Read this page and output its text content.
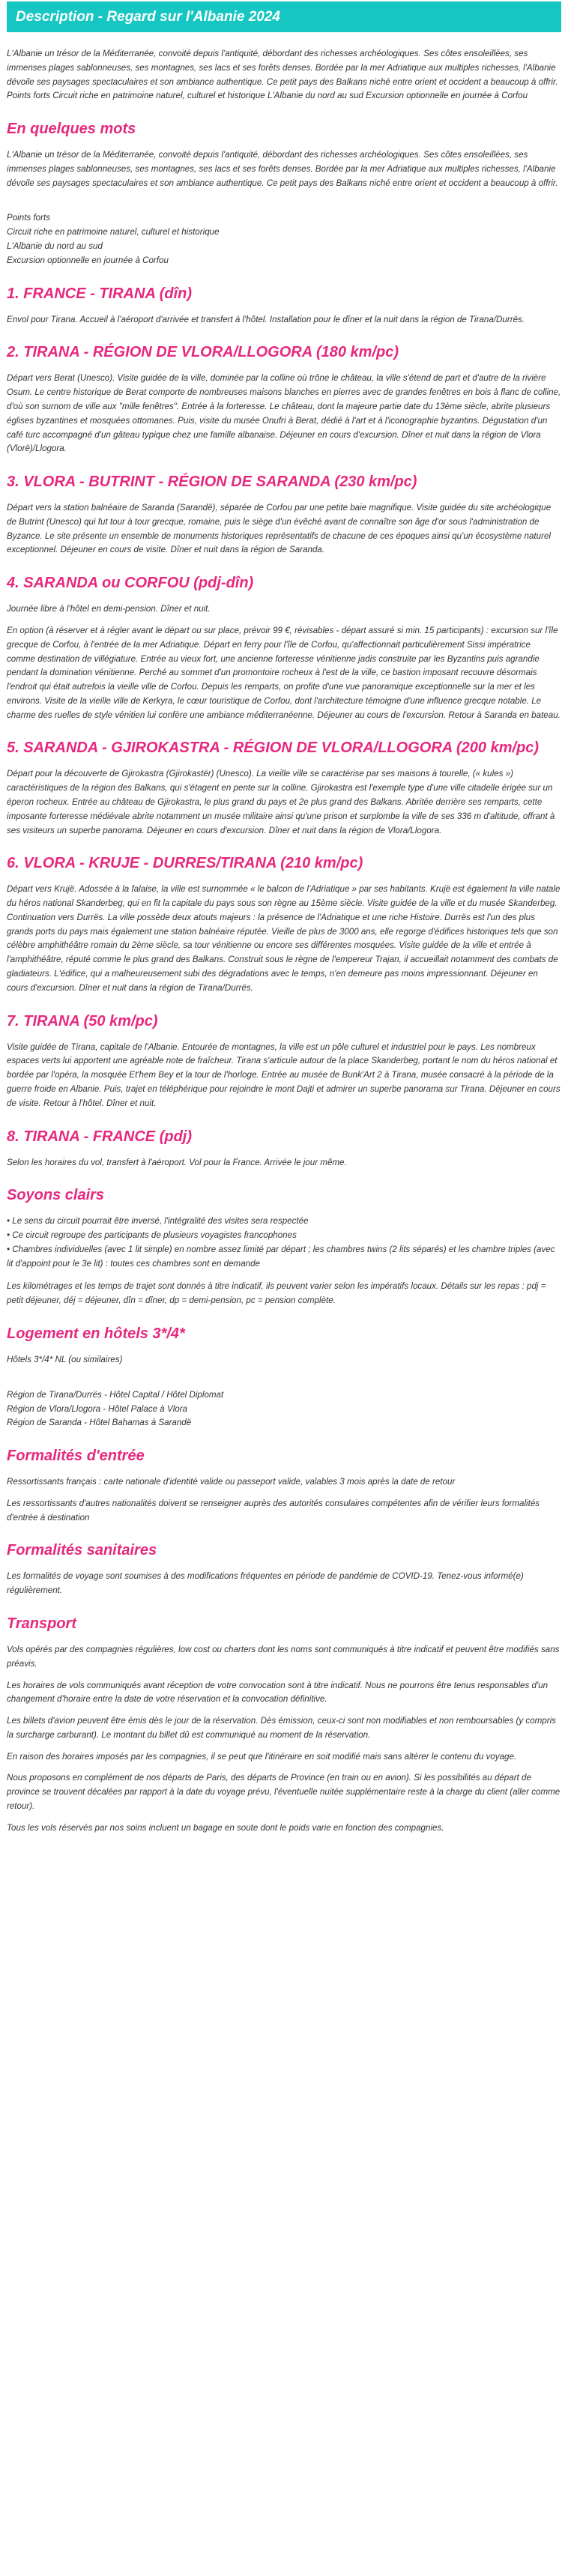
Description - Regard sur l'Albanie 2024

L'Albanie un trésor de la Méditerranée, convoité depuis l'antiquité, débordant des richesses archéologiques. Ses côtes ensoleillées, ses immenses plages sablonneuses, ses montagnes, ses lacs et ses forêts denses. Bordée par la mer Adriatique aux multiples richesses, l'Albanie dévoile ses paysages spectaculaires et son ambiance authentique. Ce petit pays des Balkans niché entre orient et occident a beaucoup à offrir. Points forts Circuit riche en patrimoine naturel, culturel et historique L'Albanie du nord au sud Excursion optionnelle en journée à Corfou

En quelques mots

L'Albanie un trésor de la Méditerranée, convoité depuis l'antiquité, débordant des richesses archéologiques. Ses côtes ensoleillées, ses immenses plages sablonneuses, ses montagnes, ses lacs et ses forêts denses. Bordée par la mer Adriatique aux multiples richesses, l'Albanie dévoile ses paysages spectaculaires et son ambiance authentique. Ce petit pays des Balkans niché entre orient et occident a beaucoup à offrir.

Points forts
Circuit riche en patrimoine naturel, culturel et historique
L'Albanie du nord au sud
Excursion optionnelle en journée à Corfou
1. FRANCE - TIRANA (dîn)

Envol pour Tirana. Accueil à l'aéroport d'arrivée et transfert à l'hôtel. Installation pour le dîner et la nuit dans la région de Tirana/Durrës.

2. TIRANA - RÉGION DE VLORA/LLOGORA (180 km/pc)

Départ vers Berat (Unesco). Visite guidée de la ville, dominée par la colline où trône le château, la ville s'étend de part et d'autre de la rivière Osum. Le centre historique de Berat comporte de nombreuses maisons blanches en pierres avec de grandes fenêtres en bois à flanc de colline, d'où son surnom de ville aux "mille fenêtres". Entrée à la forteresse. Le château, dont la majeure partie date du 13ème siècle, abrite plusieurs églises byzantines et mosquées ottomanes. Puis, visite du musée Onufri à Berat, dédié à l'art et à l'iconographie byzantins. Dégustation d'un café turc accompagné d'un gâteau typique chez une famille albanaise. Déjeuner en cours d'excursion. Dîner et nuit dans la région de Vlora (Vlorë)/Llogora.

3. VLORA - BUTRINT - RÉGION DE SARANDA (230 km/pc)

Départ vers la station balnéaire de Saranda (Sarandë), séparée de Corfou par une petite baie magnifique. Visite guidée du site archéologique de Butrint (Unesco) qui fut tour à tour grecque, romaine, puis le siège d'un évêché avant de connaître son âge d'or sous l'administration de Byzance. Le site présente un ensemble de monuments historiques représentatifs de chacune de ces époques ainsi qu'un écosystème naturel exceptionnel. Déjeuner en cours de visite. Dîner et nuit dans la région de Saranda.

4. SARANDA ou CORFOU (pdj-dîn)

Journée libre à l'hôtel en demi-pension. Dîner et nuit.

En option (à réserver et à régler avant le départ ou sur place, prévoir 99 €, révisables - départ assuré si min. 15 participants) : excursion sur l'île grecque de Corfou, à l'entrée de la mer Adriatique. Départ en ferry pour l'île de Corfou, qu'affectionnait particulièrement Sissi impératrice comme destination de villégiature. Entrée au vieux fort, une ancienne forteresse vénitienne jadis construite par les Byzantins puis agrandie pendant la domination vénitienne. Perché au sommet d'un promontoire rocheux à l'est de la ville, ce bastion imposant recouvre désormais l'endroit qui était autrefois la vieille ville de Corfou. Depuis les remparts, on profite d'une vue panoramique exceptionnelle sur la mer et les environs. Visite de la vieille ville de Kerkyra, le cœur touristique de Corfou, dont l'architecture témoigne d'une influence grecque notable. Le charme des ruelles de style vénitien lui confère une ambiance méditerranéenne. Déjeuner au cours de l'excursion. Retour à Saranda en bateau.

5. SARANDA - GJIROKASTRA - RÉGION DE VLORA/LLOGORA (200 km/pc)

Départ pour la découverte de Gjirokastra (Gjirokastër) (Unesco). La vieille ville se caractérise par ses maisons à tourelle, (« kules ») caractéristiques de la région des Balkans, qui s'étagent en pente sur la colline. Gjirokastra est l'exemple type d'une ville citadelle érigée sur un éperon rocheux. Entrée au château de Gjirokastra, le plus grand du pays et 2e plus grand des Balkans. Abritée derrière ses remparts, cette imposante forteresse médiévale abrite notamment un musée militaire ainsi qu'une prison et surplombe la ville de ses 336 m d'altitude, offrant à ses visiteurs un superbe panorama. Déjeuner en cours d'excursion. Dîner et nuit dans la région de Vlora/Llogora.

6. VLORA - KRUJE - DURRES/TIRANA (210 km/pc)

Départ vers Krujë. Adossée à la falaise, la ville est surnommée « le balcon de l'Adriatique » par ses habitants. Krujë est également la ville natale du héros national Skanderbeg, qui en fit la capitale du pays sous son règne au 15ème siècle. Visite guidée de la ville et du musée Skanderbeg. Continuation vers Durrës. La ville possède deux atouts majeurs : la présence de l'Adriatique et une riche Histoire. Durrës est l'un des plus grands ports du pays mais également une station balnéaire réputée. Vieille de plus de 3000 ans, elle regorge d'édifices historiques tels que son célèbre amphithéâtre romain du 2ème siècle, sa tour vénitienne ou encore ses différentes mosquées. Visite guidée de la ville et entrée à l'amphithéâtre, réputé comme le plus grand des Balkans. Construit sous le règne de l'empereur Trajan, il accueillait notamment des combats de gladiateurs. L'édifice, qui a malheureusement subi des dégradations avec le temps, n'en demeure pas moins impressionnant. Déjeuner en cours d'excursion. Dîner et nuit dans la région de Tirana/Durrës.

7. TIRANA (50 km/pc)

Visite guidée de Tirana, capitale de l'Albanie. Entourée de montagnes, la ville est un pôle culturel et industriel pour le pays. Les nombreux espaces verts lui apportent une agréable note de fraîcheur. Tirana s'articule autour de la place Skanderbeg, portant le nom du héros national et bordée par l'opéra, la mosquée Et'hem Bey et la tour de l'horloge. Entrée au musée de Bunk'Art 2 à Tirana, musée consacré à la période de la guerre froide en Albanie. Puis, trajet en téléphérique pour rejoindre le mont Dajti et admirer un superbe panorama sur Tirana. Déjeuner en cours de visite. Retour à l'hôtel. Dîner et nuit.

8. TIRANA - FRANCE (pdj)

Selon les horaires du vol, transfert à l'aéroport. Vol pour la France. Arrivée le jour même.

Soyons clairs
• Le sens du circuit pourrait être inversé, l'intégralité des visites sera respectée
• Ce circuit regroupe des participants de plusieurs voyagistes francophones
• Chambres individuelles (avec 1 lit simple) en nombre assez limité par départ ; les chambres twins (2 lits séparés) et les chambre triples (avec lit d'appoint pour le 3e lit) : toutes ces chambres sont en demande

Les kilométrages et les temps de trajet sont donnés à titre indicatif, ils peuvent varier selon les impératifs locaux. Détails sur les repas : pdj = petit déjeuner, déj = déjeuner, dîn = dîner, dp = demi-pension, pc = pension complète.

Logement en hôtels 3*/4*

Hôtels 3*/4* NL (ou similaires)

Région de Tirana/Durrës - Hôtel Capital / Hôtel Diplomat
Région de Vlora/Llogora - Hôtel Palace à Vlora
Région de Saranda - Hôtel Bahamas à Sarandë
Formalités d'entrée

Ressortissants français : carte nationale d'identité valide ou passeport valide, valables 3 mois après la date de retour

Les ressortissants d'autres nationalités doivent se renseigner auprès des autorités consulaires compétentes afin de vérifier leurs formalités d'entrée à destination

Formalités sanitaires

Les formalités de voyage sont soumises à des modifications fréquentes en période de pandémie de COVID-19. Tenez-vous informé(e) régulièrement.

Transport

Vols opérés par des compagnies régulières, low cost ou charters dont les noms sont communiqués à titre indicatif et peuvent être modifiés sans préavis.

Les horaires de vols communiqués avant réception de votre convocation sont à titre indicatif. Nous ne pourrons être tenus responsables d'un changement d'horaire entre la date de votre réservation et la convocation définitive.

Les billets d'avion peuvent être émis dès le jour de la réservation. Dès émission, ceux-ci sont non modifiables et non remboursables (y compris la surcharge carburant). Le montant du billet dû est communiqué au moment de la réservation.

En raison des horaires imposés par les compagnies, il se peut que l'itinéraire en soit modifié mais sans altérer le contenu du voyage.

Nous proposons en complément de nos départs de Paris, des départs de Province (en train ou en avion). Si les possibilités au départ de province se trouvent décalées par rapport à la date du voyage prévu, l'éventuelle nuitée supplémentaire reste à la charge du client (aller comme retour).

Tous les vols réservés par nos soins incluent un bagage en soute dont le poids varie en fonction des compagnies.
